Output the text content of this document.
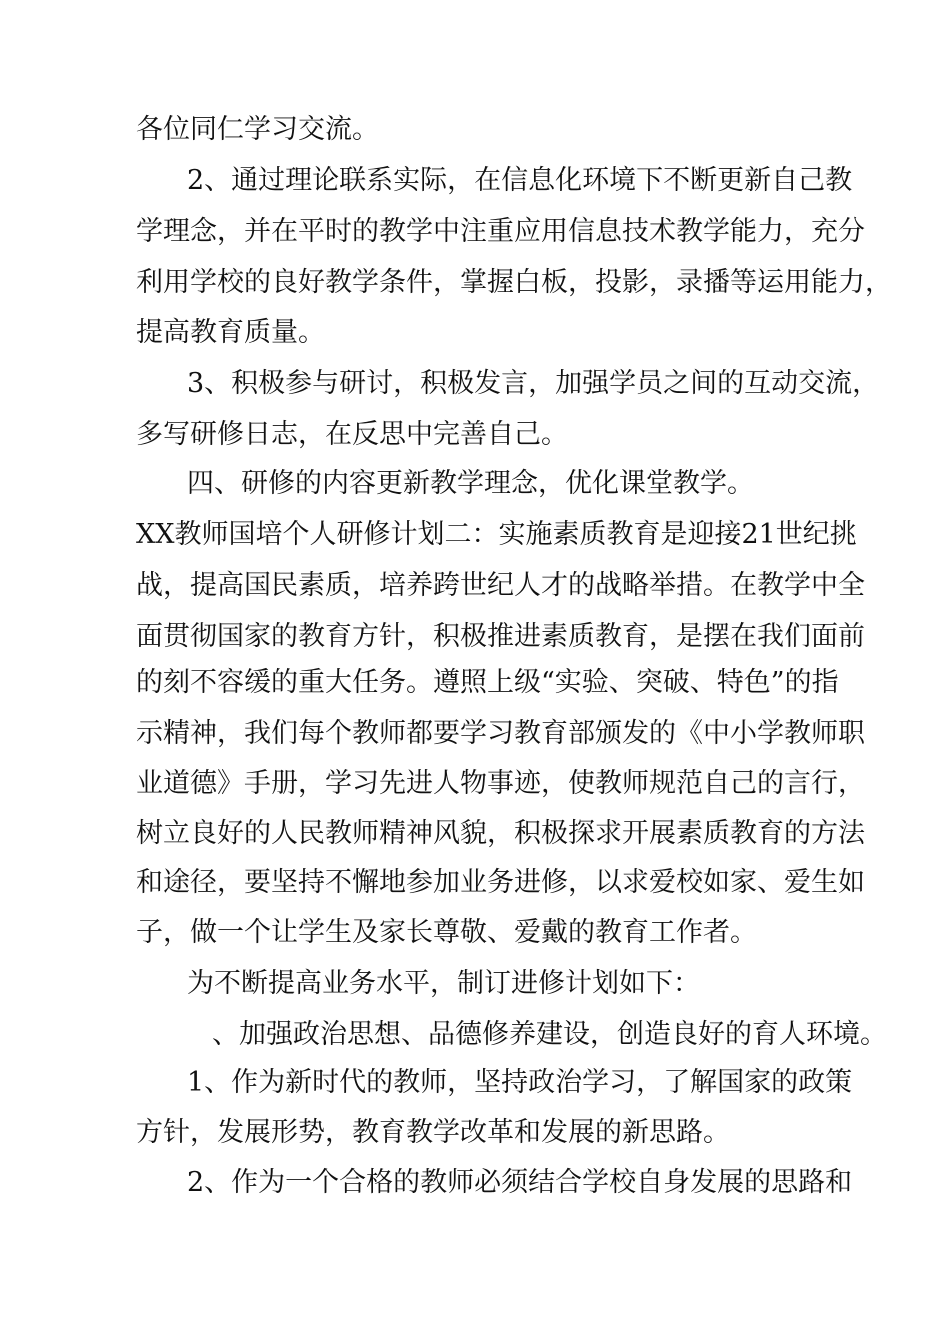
各位同仁学习交流。
2、通过理论联系实际，在信息化环境下不断更新自己教
学理念，并在平时的教学中注重应用信息技术教学能力，充分
利用学校的良好教学条件，掌握白板，投影，录播等运用能力，
提高教育质量。
3、积极参与研讨，积极发言，加强学员之间的互动交流，
多写研修日志，在反思中完善自己。
四、研修的内容更新教学理念，优化课堂教学。
XX教师国培个人研修计划二：实施素质教育是迎接21世纪挑
战，提高国民素质，培养跨世纪人才的战略举措。在教学中全
面贯彻国家的教育方针，积极推进素质教育，是摆在我们面前
的刻不容缓的重大任务。遵照上级“实验、突破、特色”的指
示精神，我们每个教师都要学习教育部颁发的《中小学教师职
业道德》手册，学习先进人物事迹，使教师规范自己的言行，
树立良好的人民教师精神风貌，积极探求开展素质教育的方法
和途径，要坚持不懈地参加业务进修，以求爱校如家、爱生如
子，做一个让学生及家长尊敬、爱戴的教育工作者。
为不断提高业务水平，制订进修计划如下：
、加强政治思想、品德修养建设，创造良好的育人环境。
1、作为新时代的教师，坚持政治学习，了解国家的政策
方针，发展形势，教育教学改革和发展的新思路。
2、作为一个合格的教师必须结合学校自身发展的思路和
